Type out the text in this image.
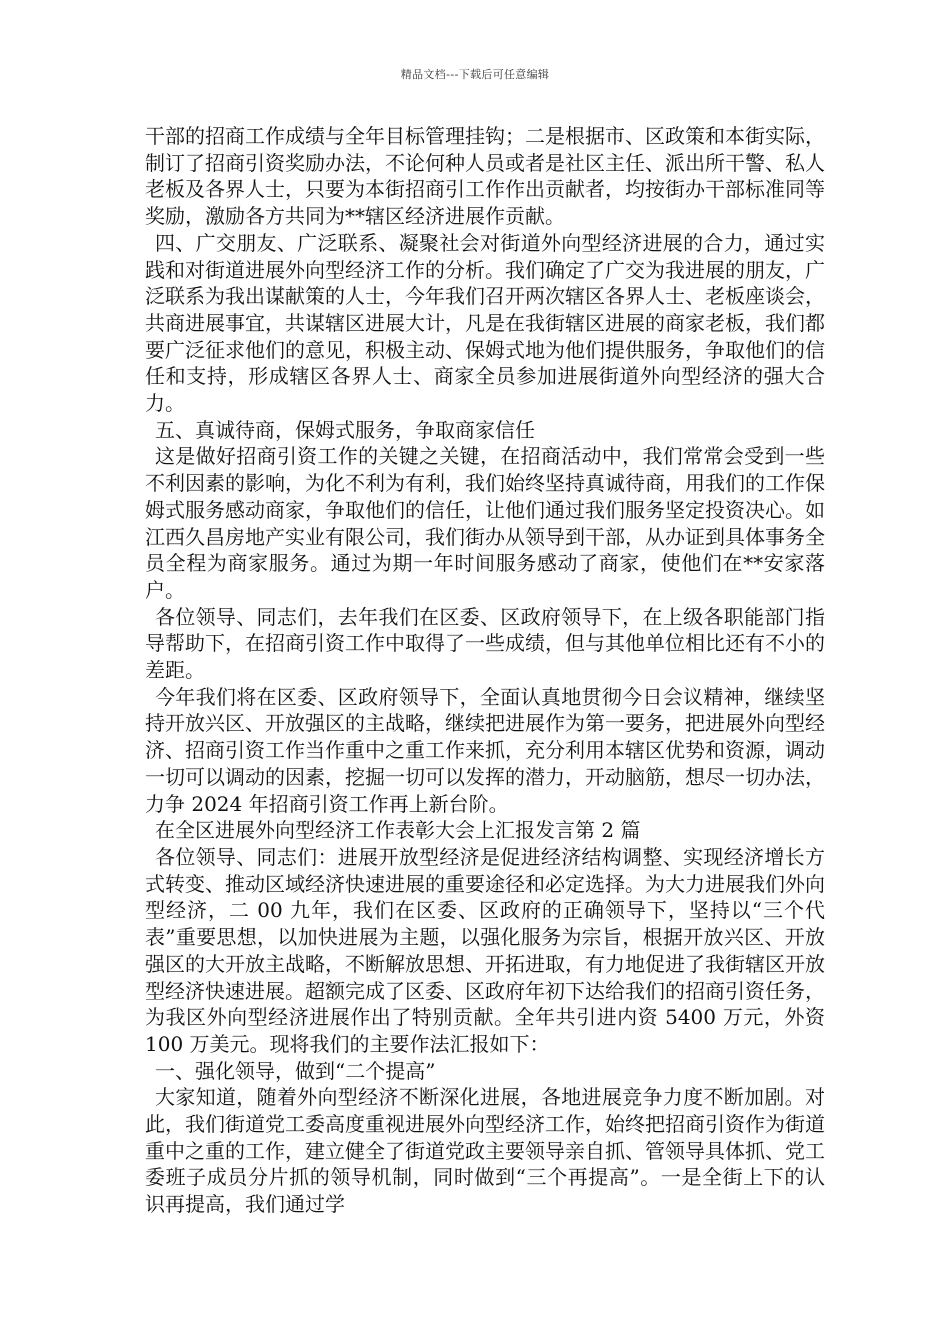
精品文档---下载后可任意编辑

干部的招商工作成绩与全年目标管理挂钩；二是根据市、区政策和本街实际，制订了招商引资奖励办法，不论何种人员或者是社区主任、派出所干警、私人老板及各界人士，只要为本街招商引工作作出贡献者，均按街办干部标准同等奖励，激励各方共同为**辖区经济进展作贡献。

四、广交朋友、广泛联系、凝聚社会对街道外向型经济进展的合力，通过实践和对街道进展外向型经济工作的分析。我们确定了广交为我进展的朋友，广泛联系为我出谋献策的人士，今年我们召开两次辖区各界人士、老板座谈会，共商进展事宜，共谋辖区进展大计，凡是在我街辖区进展的商家老板，我们都要广泛征求他们的意见，积极主动、保姆式地为他们提供服务，争取他们的信任和支持，形成辖区各界人士、商家全员参加进展街道外向型经济的强大合力。

五、真诚待商，保姆式服务，争取商家信任

这是做好招商引资工作的关键之关键，在招商活动中，我们常常会受到一些不利因素的影响，为化不利为有利，我们始终坚持真诚待商，用我们的工作保姆式服务感动商家，争取他们的信任，让他们通过我们服务坚定投资决心。如江西久昌房地产实业有限公司，我们街办从领导到干部，从办证到具体事务全员全程为商家服务。通过为期一年时间服务感动了商家，使他们在**安家落户。

各位领导、同志们，去年我们在区委、区政府领导下，在上级各职能部门指导帮助下，在招商引资工作中取得了一些成绩，但与其他单位相比还有不小的差距。

今年我们将在区委、区政府领导下，全面认真地贯彻今日会议精神，继续坚持开放兴区、开放强区的主战略，继续把进展作为第一要务，把进展外向型经济、招商引资工作当作重中之重工作来抓，充分利用本辖区优势和资源，调动一切可以调动的因素，挖掘一切可以发挥的潜力，开动脑筋，想尽一切办法，力争 2024 年招商引资工作再上新台阶。

在全区进展外向型经济工作表彰大会上汇报发言第 2 篇

各位领导、同志们：进展开放型经济是促进经济结构调整、实现经济增长方式转变、推动区域经济快速进展的重要途径和必定选择。为大力进展我们外向型经济，二 00 九年，我们在区委、区政府的正确领导下，坚持以“三个代表”重要思想，以加快进展为主题，以强化服务为宗旨，根据开放兴区、开放强区的大开放主战略，不断解放思想、开拓进取，有力地促进了我街辖区开放型经济快速进展。超额完成了区委、区政府年初下达给我们的招商引资任务，为我区外向型经济进展作出了特别贡献。全年共引进内资 5400 万元，外资 100 万美元。现将我们的主要作法汇报如下：

一、强化领导，做到“二个提高”

大家知道，随着外向型经济不断深化进展，各地进展竞争力度不断加剧。对此，我们街道党工委高度重视进展外向型经济工作，始终把招商引资作为街道重中之重的工作，建立健全了街道党政主要领导亲自抓、管领导具体抓、党工委班子成员分片抓的领导机制，同时做到“三个再提高”。一是全街上下的认识再提高，我们通过学
